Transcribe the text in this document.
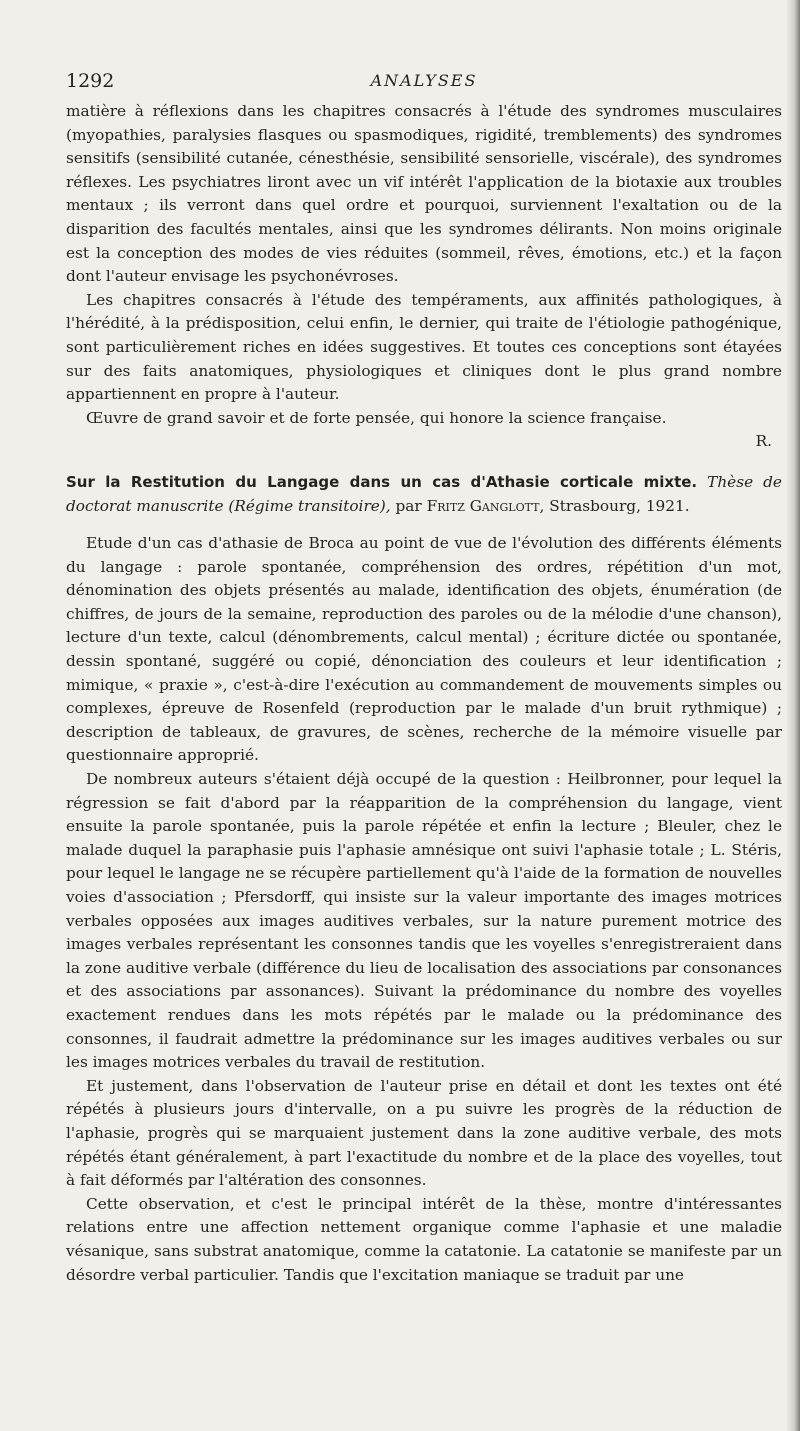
1292	ANALYSES

matière à réflexions dans les chapitres consacrés à l'étude des syndromes musculaires (myopathies, paralysies flasques ou spasmodiques, rigidité, tremblements) des syndromes sensitifs (sensibilité cutanée, cénesthésie, sensibilité sensorielle, viscérale), des syndromes réflexes. Les psychiatres liront avec un vif intérêt l'application de la biotaxie aux troubles mentaux ; ils verront dans quel ordre et pourquoi, surviennent l'exaltation ou de la disparition des facultés mentales, ainsi que les syndromes délirants. Non moins originale est la conception des modes de vies réduites (sommeil, rêves, émotions, etc.) et la façon dont l'auteur envisage les psychonévroses.

Les chapitres consacrés à l'étude des tempéraments, aux affinités pathologiques, à l'hérédité, à la prédisposition, celui enfin, le dernier, qui traite de l'étiologie pathogénique, sont particulièrement riches en idées suggestives. Et toutes ces conceptions sont étayées sur des faits anatomiques, physiologiques et cliniques dont le plus grand nombre appartiennent en propre à l'auteur.

Œuvre de grand savoir et de forte pensée, qui honore la science française.

R.
Sur la Restitution du Langage dans un cas d'Athasie corticale mixte. Thèse de doctorat manuscrite (Régime transitoire), par Fritz Ganglott, Strasbourg, 1921.

Etude d'un cas d'athasie de Broca au point de vue de l'évolution des différents éléments du langage : parole spontanée, compréhension des ordres, répétition d'un mot, dénomination des objets présentés au malade, identification des objets, énumération (de chiffres, de jours de la semaine, reproduction des paroles ou de la mélodie d'une chanson), lecture d'un texte, calcul (dénombrements, calcul mental) ; écriture dictée ou spontanée, dessin spontané, suggéré ou copié, dénonciation des couleurs et leur identification ; mimique, « praxie », c'est-à-dire l'exécution au commandement de mouvements simples ou complexes, épreuve de Rosenfeld (reproduction par le malade d'un bruit rythmique) ; description de tableaux, de gravures, de scènes, recherche de la mémoire visuelle par questionnaire approprié.

De nombreux auteurs s'étaient déjà occupé de la question : Heilbronner, pour lequel la régression se fait d'abord par la réapparition de la compréhension du langage, vient ensuite la parole spontanée, puis la parole répétée et enfin la lecture ; Bleuler, chez le malade duquel la paraphasie puis l'aphasie amnésique ont suivi l'aphasie totale ; L. Stéris, pour lequel le langage ne se récupère partiellement qu'à l'aide de la formation de nouvelles voies d'association ; Pfersdorff, qui insiste sur la valeur importante des images motrices verbales opposées aux images auditives verbales, sur la nature purement motrice des images verbales représentant les consonnes tandis que les voyelles s'enregistreraient dans la zone auditive verbale (différence du lieu de localisation des associations par consonances et des associations par assonances). Suivant la prédominance du nombre des voyelles exactement rendues dans les mots répétés par le malade ou la prédominance des consonnes, il faudrait admettre la prédominance sur les images auditives verbales ou sur les images motrices verbales du travail de restitution.

Et justement, dans l'observation de l'auteur prise en détail et dont les textes ont été répétés à plusieurs jours d'intervalle, on a pu suivre les progrès de la réduction de l'aphasie, progrès qui se marquaient justement dans la zone auditive verbale, des mots répétés étant généralement, à part l'exactitude du nombre et de la place des voyelles, tout à fait déformés par l'altération des consonnes.

Cette observation, et c'est le principal intérêt de la thèse, montre d'intéressantes relations entre une affection nettement organique comme l'aphasie et une maladie vésanique, sans substrat anatomique, comme la catatonie. La catatonie se manifeste par un désordre verbal particulier. Tandis que l'excitation maniaque se traduit par une
